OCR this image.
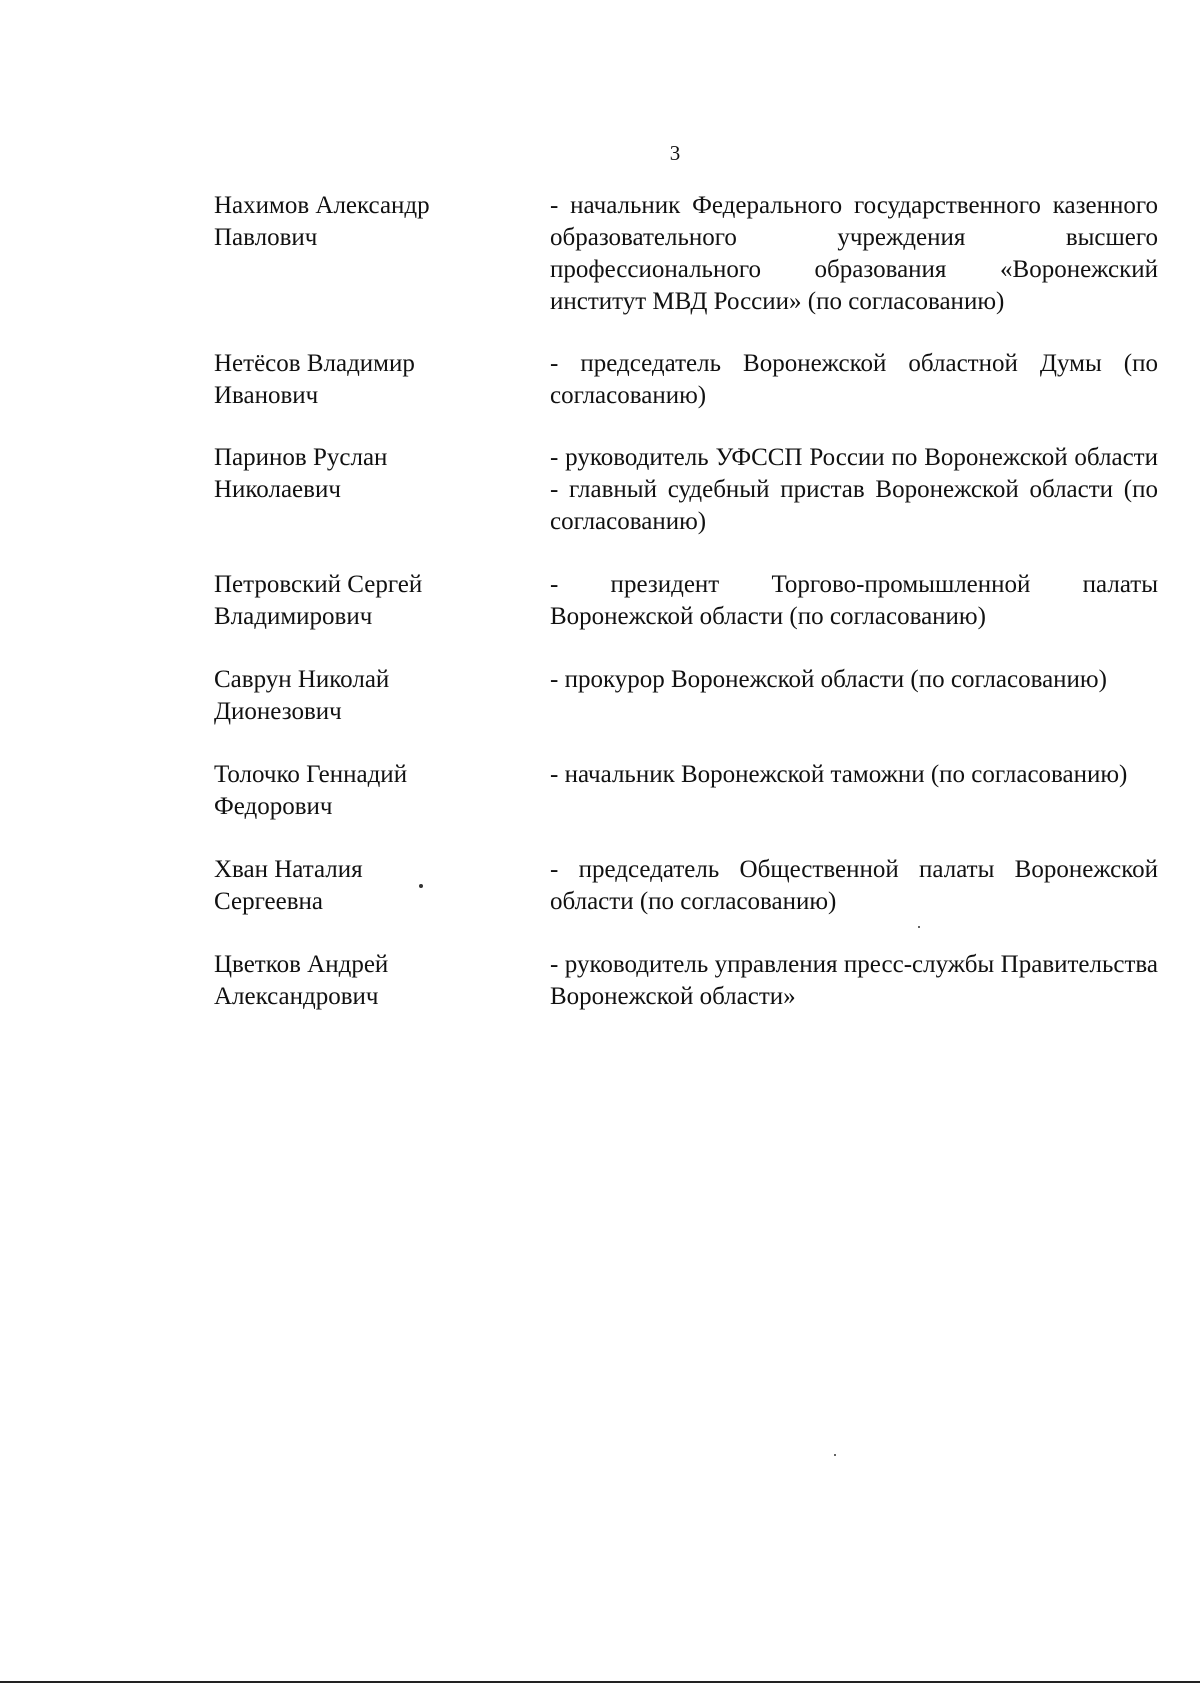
3
Нахимов Александр
Павлович
- начальник Федерального государственного казенного образовательного учреждения высшего профессионального образования «Воронежский институт МВД России» (по согласованию)
Нетёсов Владимир
Иванович
- председатель Воронежской областной Думы (по согласованию)
Паринов Руслан
Николаевич
- руководитель УФССП России по Воронежской области - главный судебный пристав Воронежской области (по согласованию)
Петровский Сергей
Владимирович
- президент Торгово-промышленной палаты Воронежской области (по согласованию)
Саврун Николай
Дионезович
- прокурор Воронежской области (по согласованию)
Толочко Геннадий
Федорович
- начальник Воронежской таможни (по согласованию)
Хван Наталия
Сергеевна
- председатель Общественной палаты Воронежской области (по согласованию)
Цветков Андрей
Александрович
- руководитель управления пресс-службы Правительства Воронежской области»
